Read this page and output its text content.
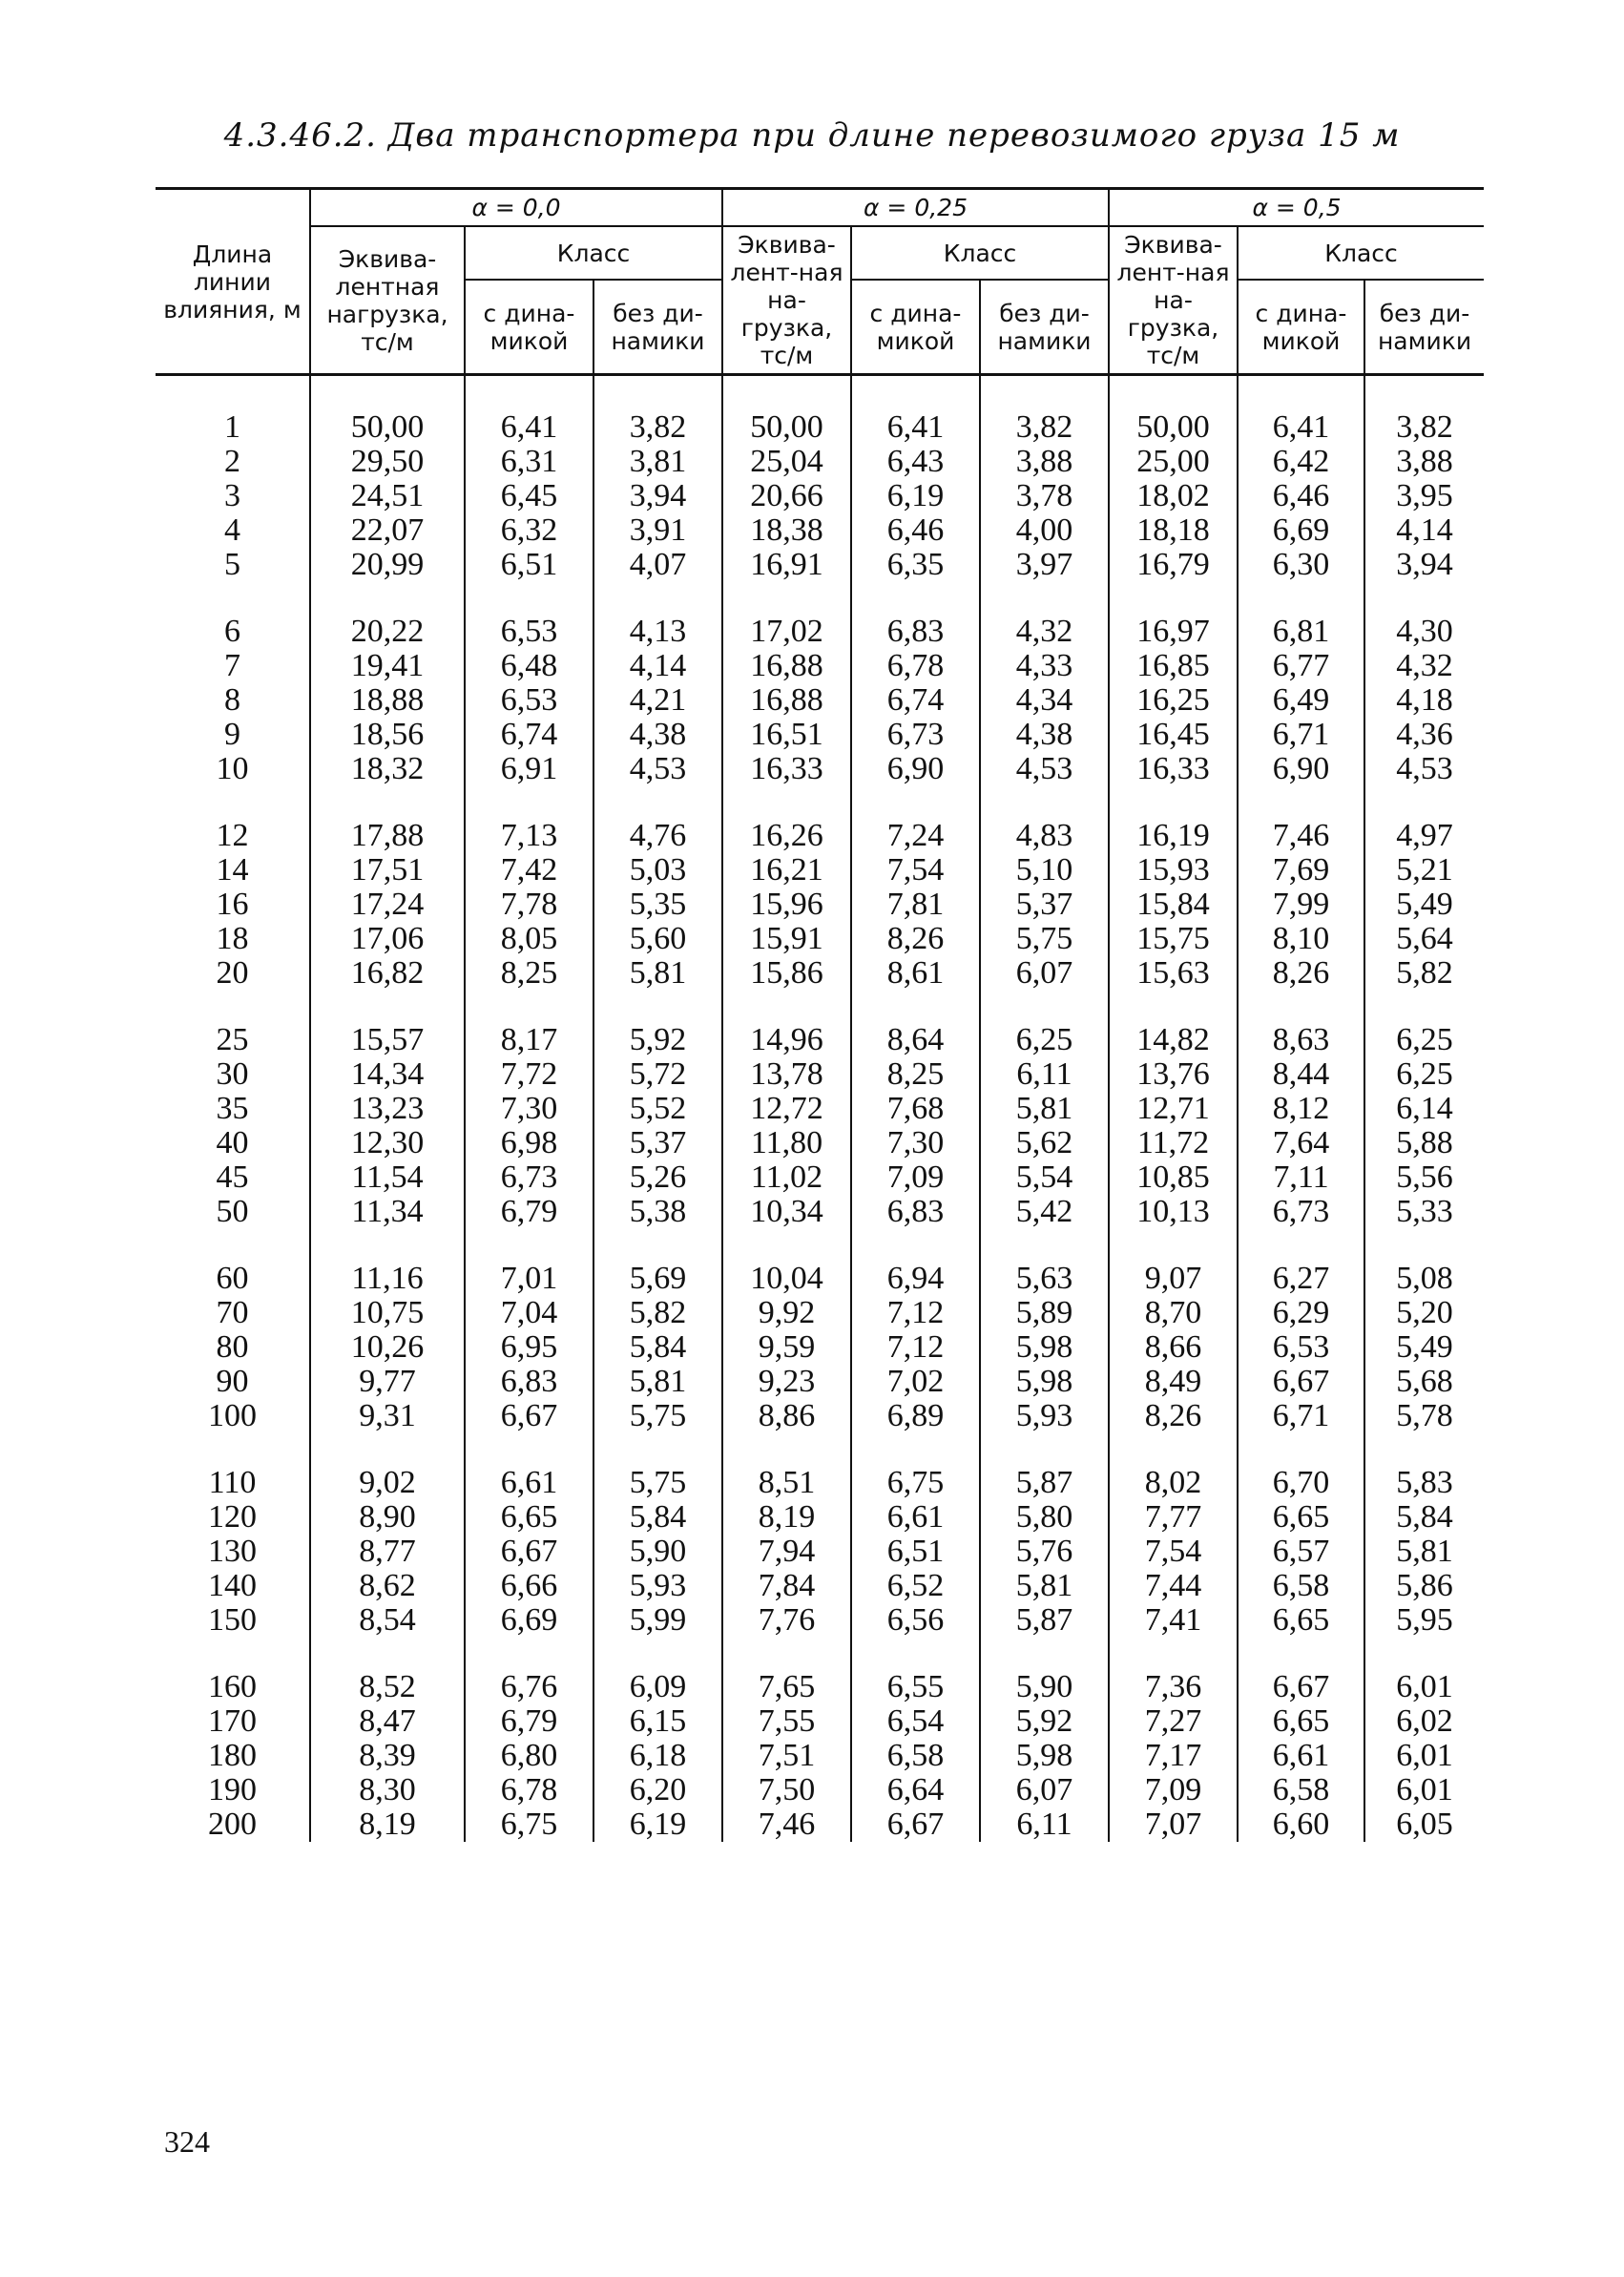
4.3.46.2. Два транспортера при длине перевозимого груза 15 м
Длина линии влияния, м	α = 0,0			α = 0,25			α = 0,5		
	Эквива-лентная нагрузка, тс/м	Класс		Эквива-лент-ная на-грузка, тс/м	Класс		Эквива-лент-ная на-грузка, тс/м	Класс	
		с дина-микой	без ди-намики		с дина-микой	без ди-намики		с дина-микой	без ди-намики
1	50,00	6,41	3,82	50,00	6,41	3,82	50,00	6,41	3,82
2	29,50	6,31	3,81	25,04	6,43	3,88	25,00	6,42	3,88
3	24,51	6,45	3,94	20,66	6,19	3,78	18,02	6,46	3,95
4	22,07	6,32	3,91	18,38	6,46	4,00	18,18	6,69	4,14
5	20,99	6,51	4,07	16,91	6,35	3,97	16,79	6,30	3,94
6	20,22	6,53	4,13	17,02	6,83	4,32	16,97	6,81	4,30
7	19,41	6,48	4,14	16,88	6,78	4,33	16,85	6,77	4,32
8	18,88	6,53	4,21	16,88	6,74	4,34	16,25	6,49	4,18
9	18,56	6,74	4,38	16,51	6,73	4,38	16,45	6,71	4,36
10	18,32	6,91	4,53	16,33	6,90	4,53	16,33	6,90	4,53
12	17,88	7,13	4,76	16,26	7,24	4,83	16,19	7,46	4,97
14	17,51	7,42	5,03	16,21	7,54	5,10	15,93	7,69	5,21
16	17,24	7,78	5,35	15,96	7,81	5,37	15,84	7,99	5,49
18	17,06	8,05	5,60	15,91	8,26	5,75	15,75	8,10	5,64
20	16,82	8,25	5,81	15,86	8,61	6,07	15,63	8,26	5,82
25	15,57	8,17	5,92	14,96	8,64	6,25	14,82	8,63	6,25
30	14,34	7,72	5,72	13,78	8,25	6,11	13,76	8,44	6,25
35	13,23	7,30	5,52	12,72	7,68	5,81	12,71	8,12	6,14
40	12,30	6,98	5,37	11,80	7,30	5,62	11,72	7,64	5,88
45	11,54	6,73	5,26	11,02	7,09	5,54	10,85	7,11	5,56
50	11,34	6,79	5,38	10,34	6,83	5,42	10,13	6,73	5,33
60	11,16	7,01	5,69	10,04	6,94	5,63	9,07	6,27	5,08
70	10,75	7,04	5,82	9,92	7,12	5,89	8,70	6,29	5,20
80	10,26	6,95	5,84	9,59	7,12	5,98	8,66	6,53	5,49
90	9,77	6,83	5,81	9,23	7,02	5,98	8,49	6,67	5,68
100	9,31	6,67	5,75	8,86	6,89	5,93	8,26	6,71	5,78
110	9,02	6,61	5,75	8,51	6,75	5,87	8,02	6,70	5,83
120	8,90	6,65	5,84	8,19	6,61	5,80	7,77	6,65	5,84
130	8,77	6,67	5,90	7,94	6,51	5,76	7,54	6,57	5,81
140	8,62	6,66	5,93	7,84	6,52	5,81	7,44	6,58	5,86
150	8,54	6,69	5,99	7,76	6,56	5,87	7,41	6,65	5,95
160	8,52	6,76	6,09	7,65	6,55	5,90	7,36	6,67	6,01
170	8,47	6,79	6,15	7,55	6,54	5,92	7,27	6,65	6,02
180	8,39	6,80	6,18	7,51	6,58	5,98	7,17	6,61	6,01
190	8,30	6,78	6,20	7,50	6,64	6,07	7,09	6,58	6,01
200	8,19	6,75	6,19	7,46	6,67	6,11	7,07	6,60	6,05
324
